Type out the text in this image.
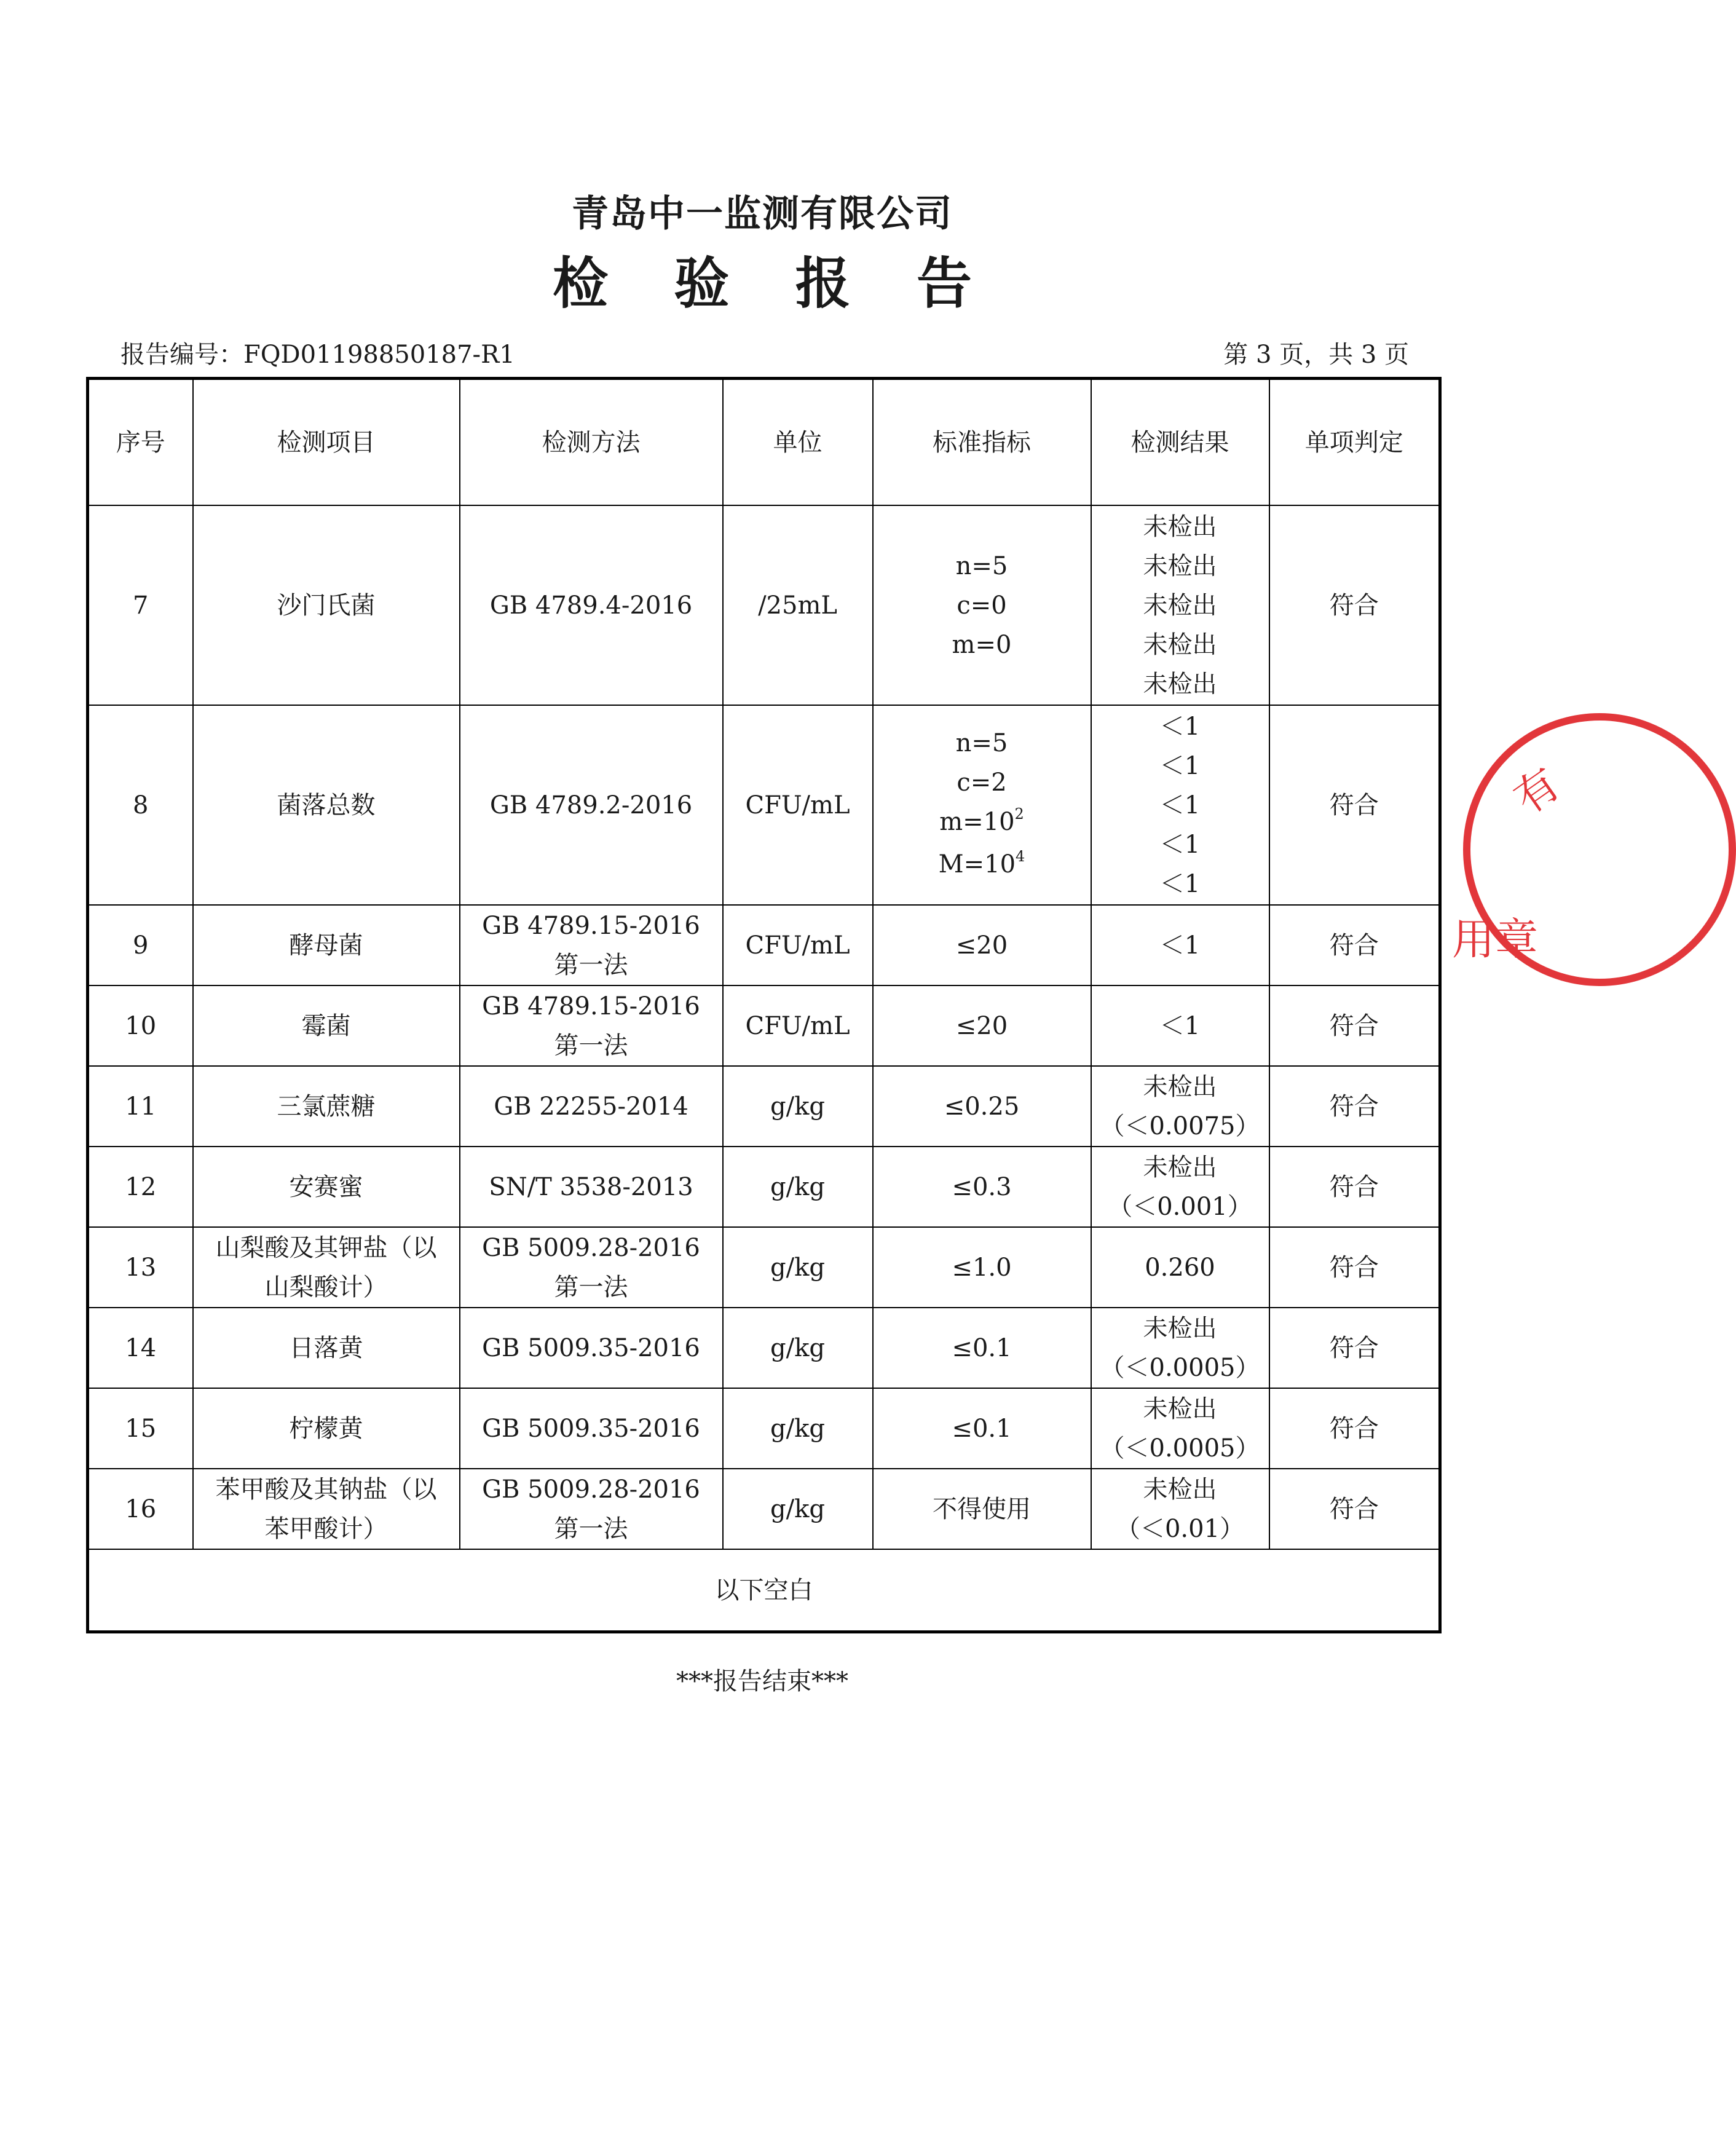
青岛中一监测有限公司
检 验 报 告
报告编号：FQD01198850187-R1	第 3 页，共 3 页
序号	检测项目	检测方法	单位	标准指标	检测结果	单项判定
7	沙门氏菌	GB 4789.4-2016	/25mL	n=5
c=0
m=0	未检出
未检出
未检出
未检出
未检出	符合
8	菌落总数	GB 4789.2-2016	CFU/mL	n=5
c=2
$m=10^2$
$M=10^4$	＜1
＜1
＜1
＜1
＜1	符合
9	酵母菌	GB 4789.15-2016
第一法	CFU/mL	≤20	＜1	符合
10	霉菌	GB 4789.15-2016
第一法	CFU/mL	≤20	＜1	符合
11	三氯蔗糖	GB 22255-2014	g/kg	≤0.25	未检出
（＜0.0075）	符合
12	安赛蜜	SN/T 3538-2013	g/kg	≤0.3	未检出
（＜0.001）	符合
13	山梨酸及其钾盐（以
山梨酸计）	GB 5009.28-2016
第一法	g/kg	≤1.0	0.260	符合
14	日落黄	GB 5009.35-2016	g/kg	≤0.1	未检出
（＜0.0005）	符合
15	柠檬黄	GB 5009.35-2016	g/kg	≤0.1	未检出
（＜0.0005）	符合
16	苯甲酸及其钠盐（以
苯甲酸计）	GB 5009.28-2016
第一法	g/kg	不得使用	未检出
（＜0.01）	符合
以下空白						
***报告结束***
有
用章
